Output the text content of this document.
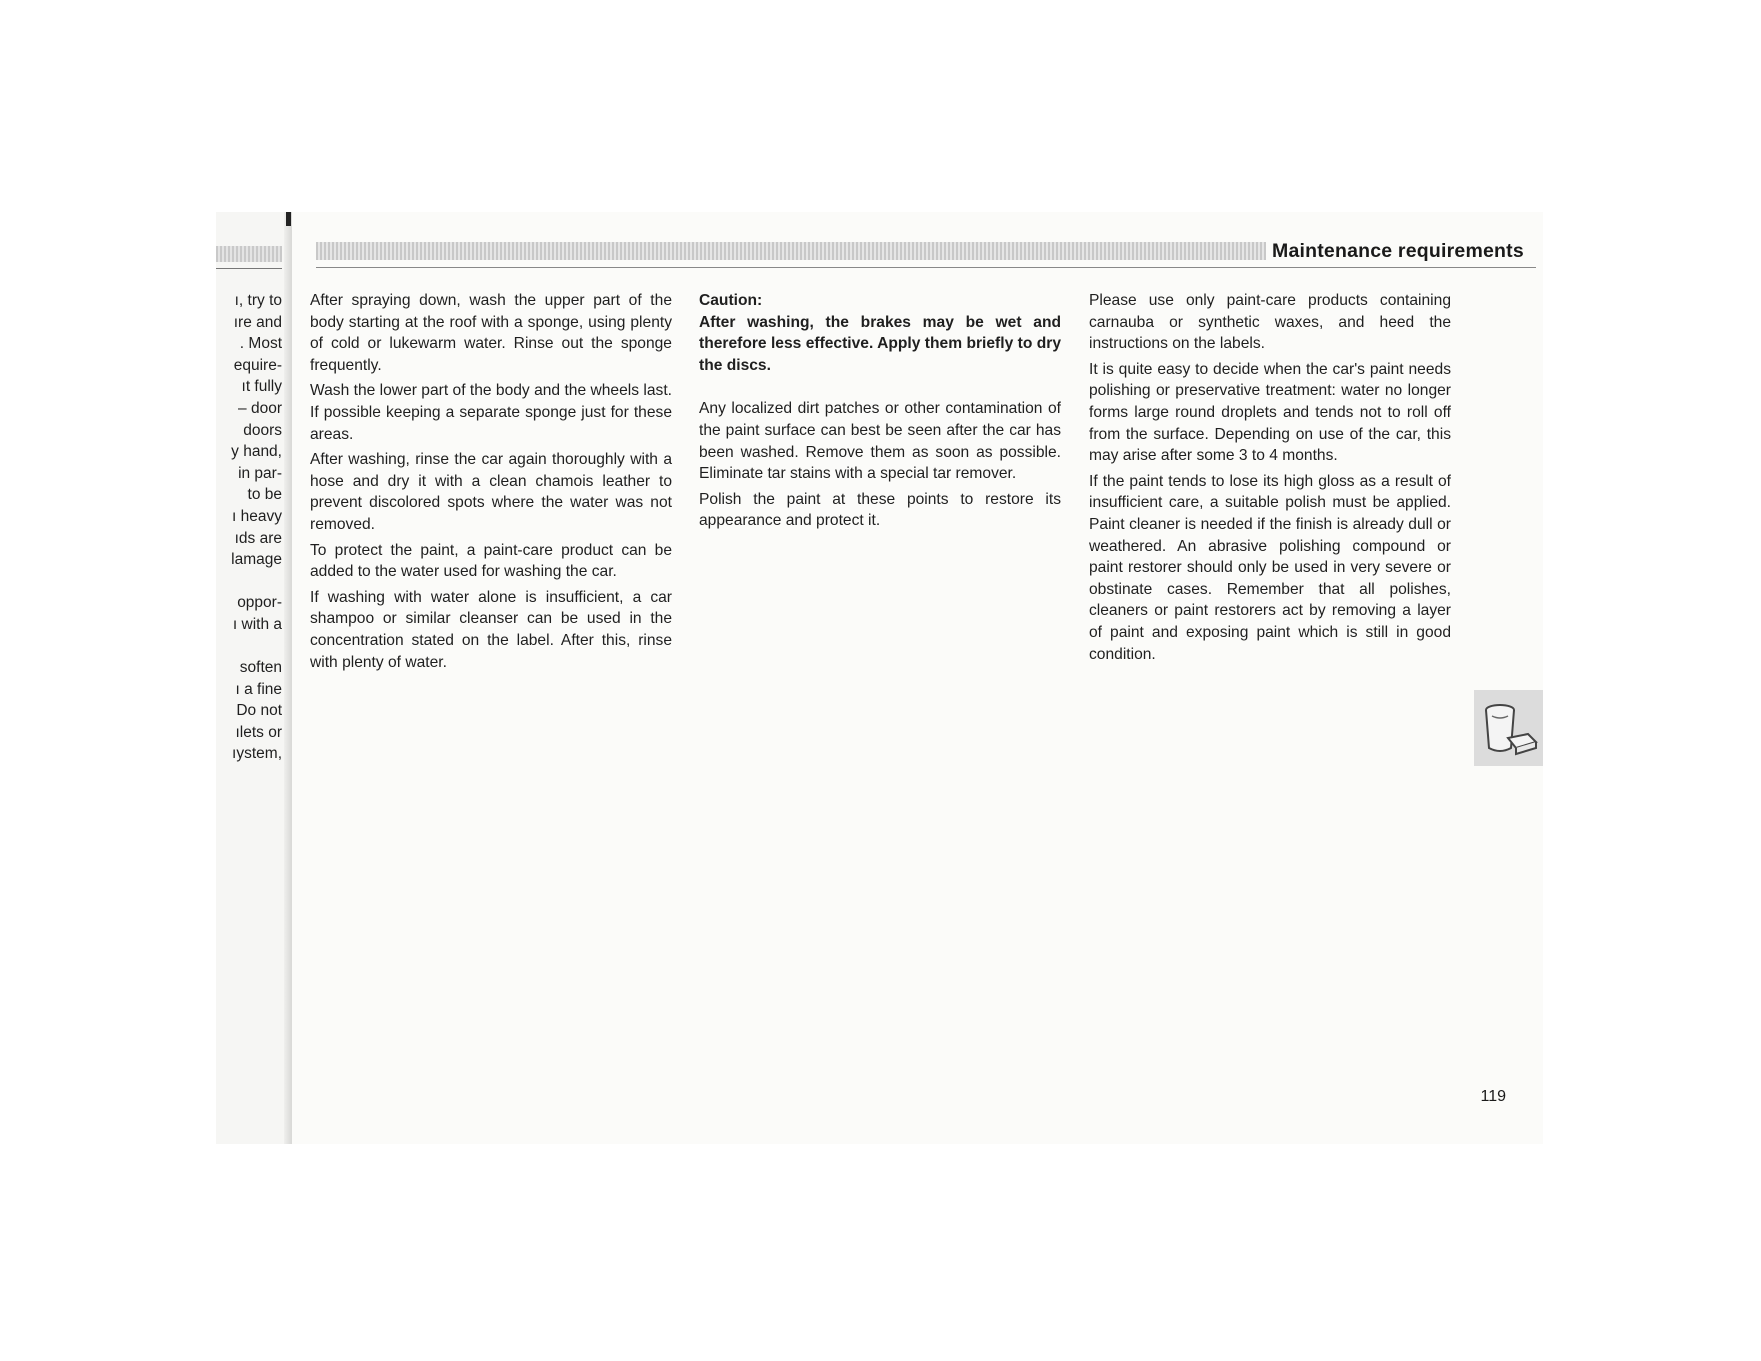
ı, try to
ıre and
. Most
equire-
ıt fully
– door
doors
y hand,
in par-
to be
ı heavy
ıds are
lamage
oppor-
ı with a
soften
ı a fine
Do not
ılets or
ıystem,
Maintenance requirements

After spraying down, wash the upper part of the body starting at the roof with a sponge, using plenty of cold or lukewarm water. Rinse out the sponge frequently.

Wash the lower part of the body and the wheels last. If possible keeping a separate sponge just for these areas.

After washing, rinse the car again thoroughly with a hose and dry it with a clean chamois leather to prevent discolored spots where the water was not removed.

To protect the paint, a paint-care product can be added to the water used for washing the car.

If washing with water alone is insufficient, a car shampoo or similar cleanser can be used in the concentration stated on the label. After this, rinse with plenty of water.

Caution:

After washing, the brakes may be wet and therefore less effective. Apply them briefly to dry the discs.

Any localized dirt patches or other contamination of the paint surface can best be seen after the car has been washed. Remove them as soon as possible. Eliminate tar stains with a special tar remover.

Polish the paint at these points to restore its appearance and protect it.

Please use only paint-care products containing carnauba or synthetic waxes, and heed the instructions on the labels.

It is quite easy to decide when the car's paint needs polishing or preservative treatment: water no longer forms large round droplets and tends not to roll off from the surface. Depending on use of the car, this may arise after some 3 to 4 months.

If the paint tends to lose its high gloss as a result of insufficient care, a suitable polish must be applied. Paint cleaner is needed if the finish is already dull or weathered. An abrasive polishing compound or paint restorer should only be used in very severe or obstinate cases. Remember that all polishes, cleaners or paint restorers act by removing a layer of paint and exposing paint which is still in good condition.

119
